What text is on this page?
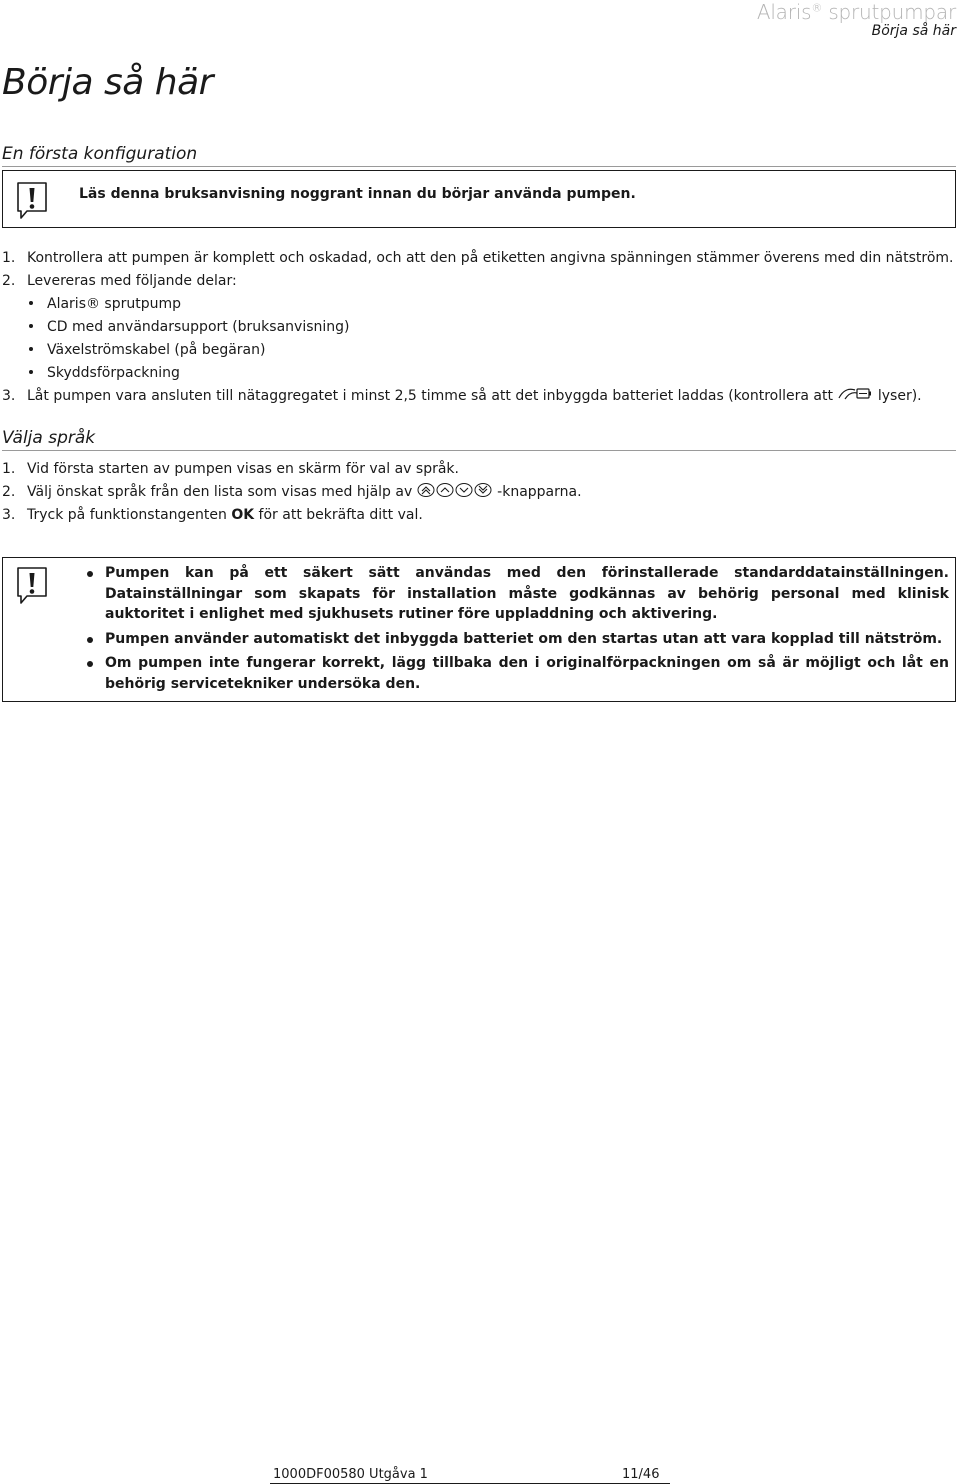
Alaris® sprutpumpar
Börja så här
Börja så här
En första konfiguration
Läs denna bruksanvisning noggrant innan du börjar använda pumpen.
1. Kontrollera att pumpen är komplett och oskadad, och att den på etiketten angivna spänningen stämmer överens med din nätström.
2. Levereras med följande delar:
Alaris® sprutpump
CD med användarsupport (bruksanvisning)
Växelströmskabel (på begäran)
Skyddsförpackning
3. Låt pumpen vara ansluten till nätaggregatet i minst 2,5 timme så att det inbyggda batteriet laddas (kontrollera att	lyser).
Välja språk
1. Vid första starten av pumpen visas en skärm för val av språk.
2. Välj önskat språk från den lista som visas med hjälp av	-knapparna.
3. Tryck på funktionstangenten OK för att bekräfta ditt val.
Pumpen kan på ett säkert sätt användas med den förinstallerade standarddatainställningen. Datainställningar som skapats för installation måste godkännas av behörig personal med klinisk auktoritet i enlighet med sjukhusets rutiner före uppladdning och aktivering.
Pumpen använder automatiskt det inbyggda batteriet om den startas utan att vara kopplad till nätström.
Om pumpen inte fungerar korrekt, lägg tillbaka den i originalförpackningen om så är möjligt och låt en behörig servicetekniker undersöka den.
1000DF00580 Utgåva 1	11/46
